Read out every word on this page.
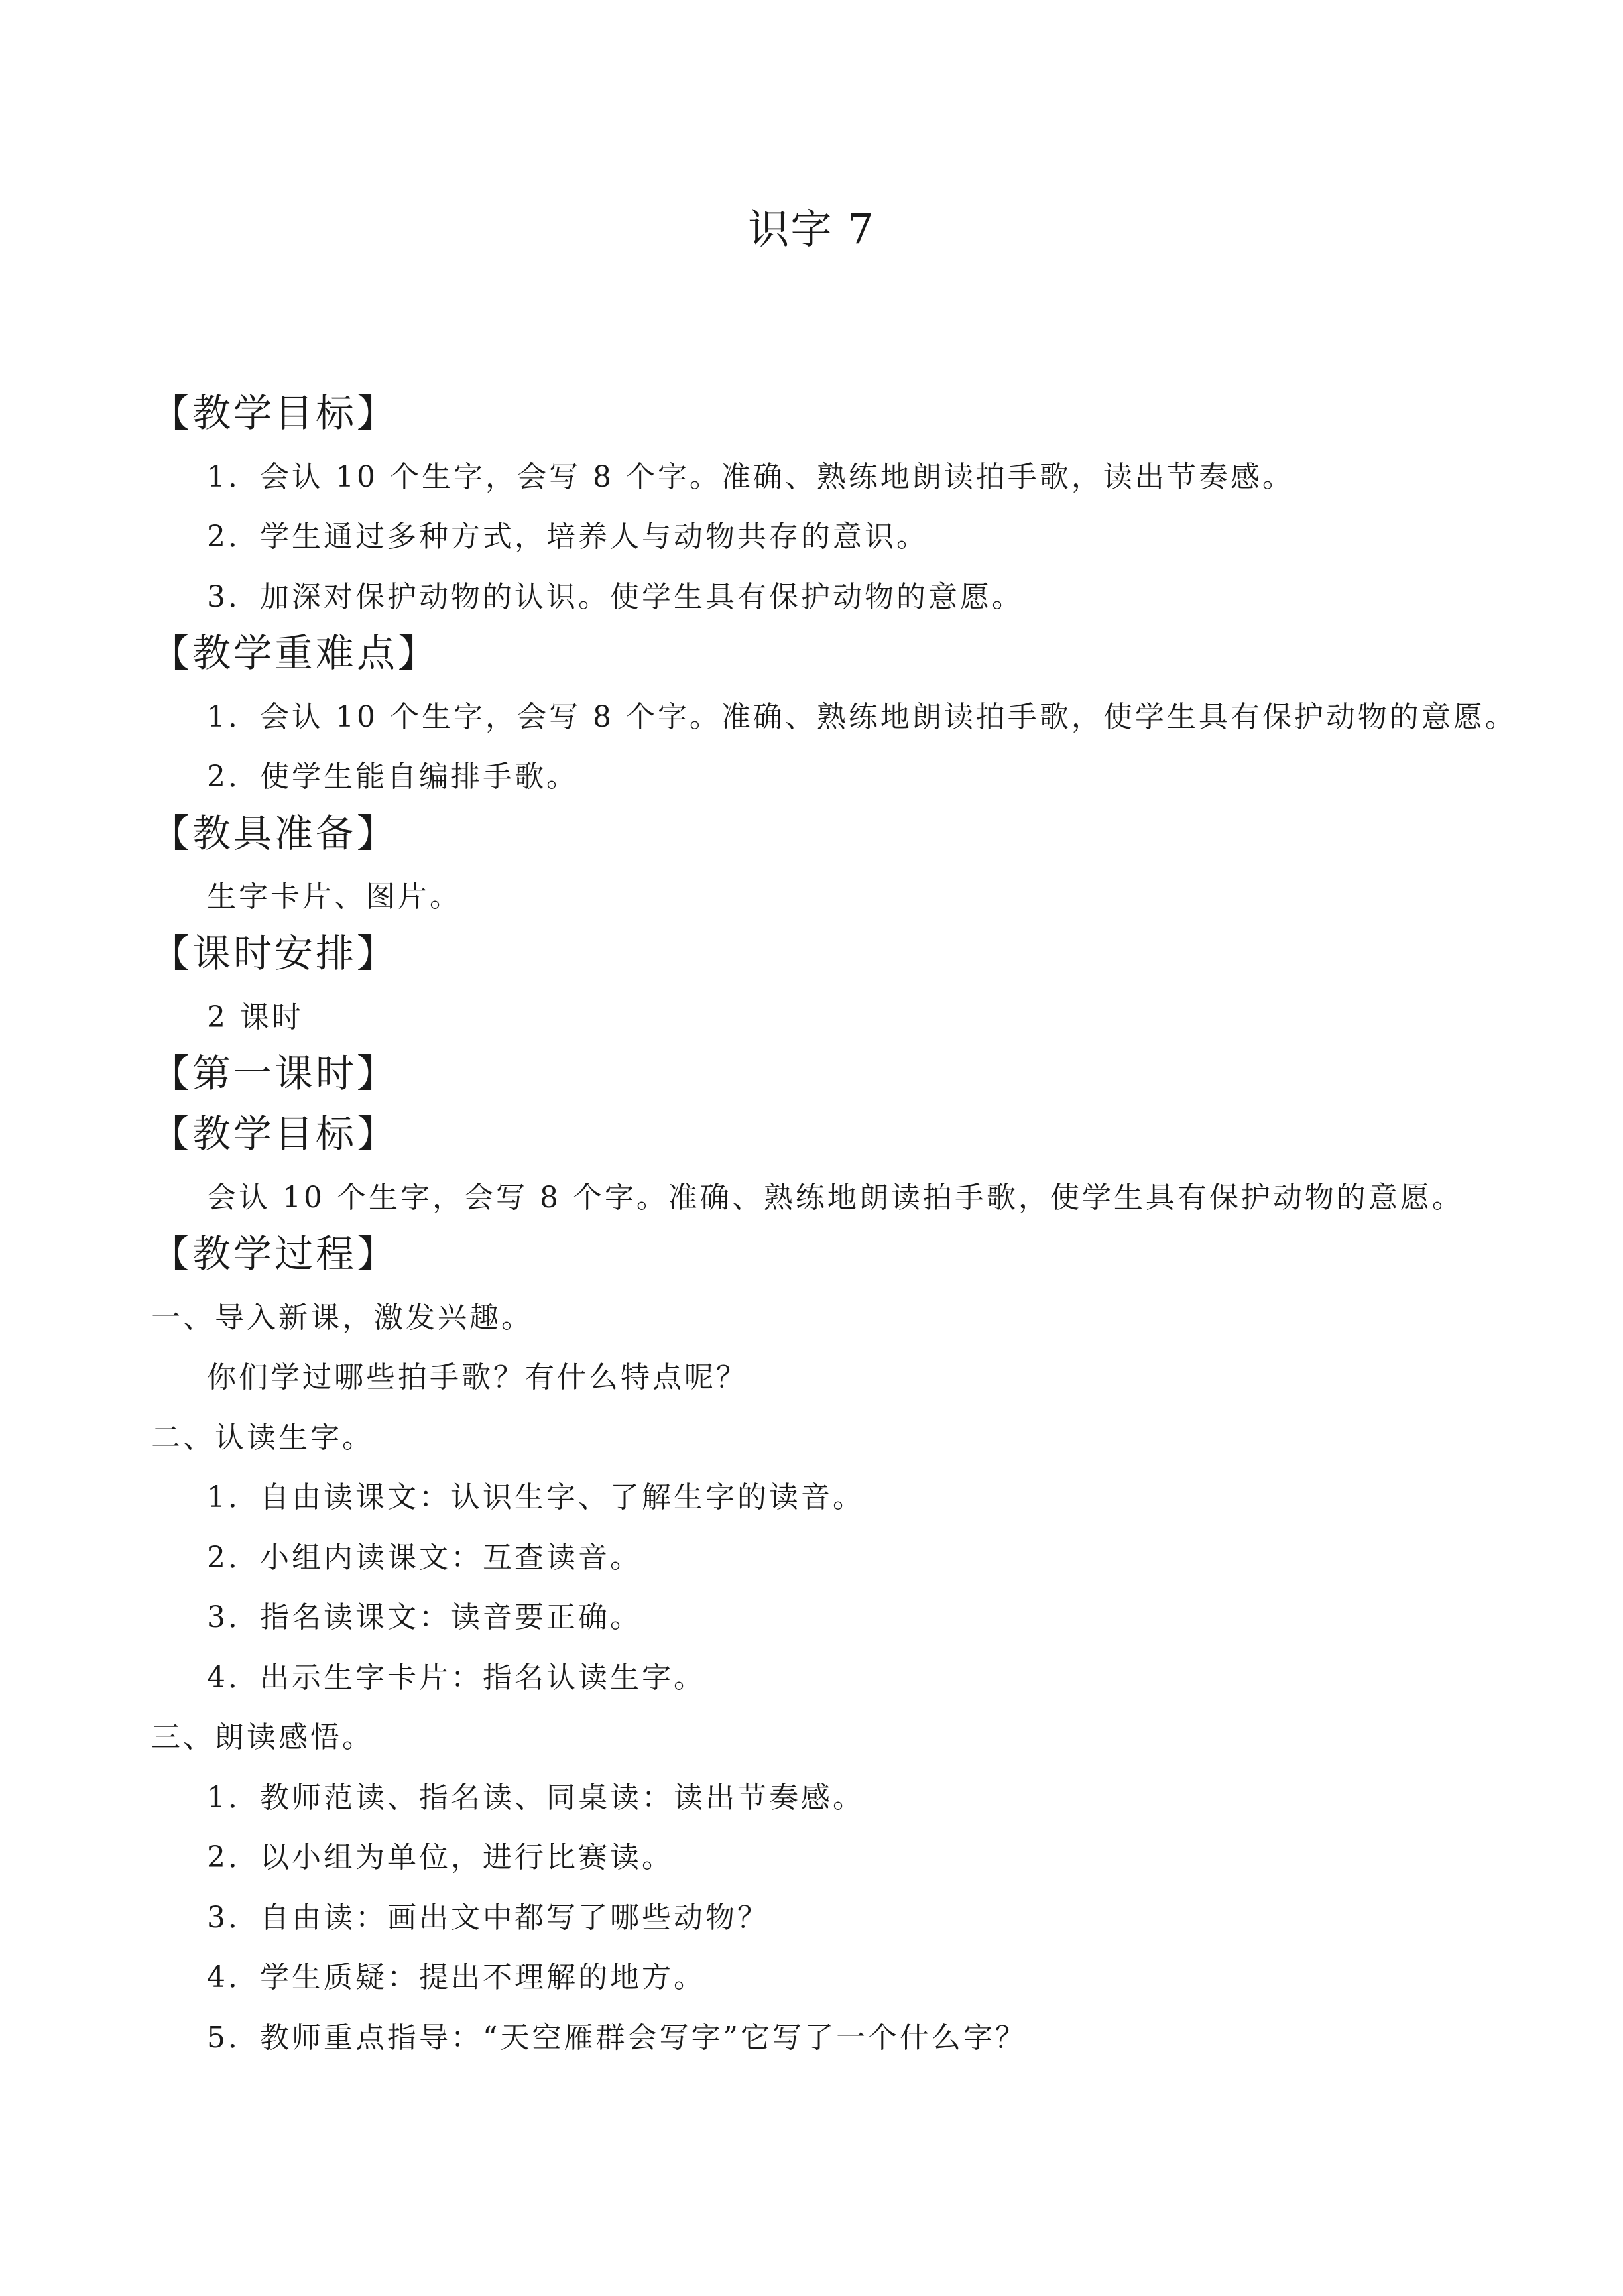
识字 7
【教学目标】
1．会认 10 个生字，会写 8 个字。准确、熟练地朗读拍手歌，读出节奏感。
2．学生通过多种方式，培养人与动物共存的意识。
3．加深对保护动物的认识。使学生具有保护动物的意愿。
【教学重难点】
1．会认 10 个生字，会写 8 个字。准确、熟练地朗读拍手歌，使学生具有保护动物的意愿。
2．使学生能自编排手歌。
【教具准备】
生字卡片、图片。
【课时安排】
2 课时
【第一课时】
【教学目标】
会认 10 个生字，会写 8 个字。准确、熟练地朗读拍手歌，使学生具有保护动物的意愿。
【教学过程】
一、导入新课，激发兴趣。
你们学过哪些拍手歌？有什么特点呢？
二、认读生字。
1．自由读课文：认识生字、了解生字的读音。
2．小组内读课文：互查读音。
3．指名读课文：读音要正确。
4．出示生字卡片：指名认读生字。
三、朗读感悟。
1．教师范读、指名读、同桌读：读出节奏感。
2．以小组为单位，进行比赛读。
3．自由读：画出文中都写了哪些动物？
4．学生质疑：提出不理解的地方。
5．教师重点指导：“天空雁群会写字”它写了一个什么字？
